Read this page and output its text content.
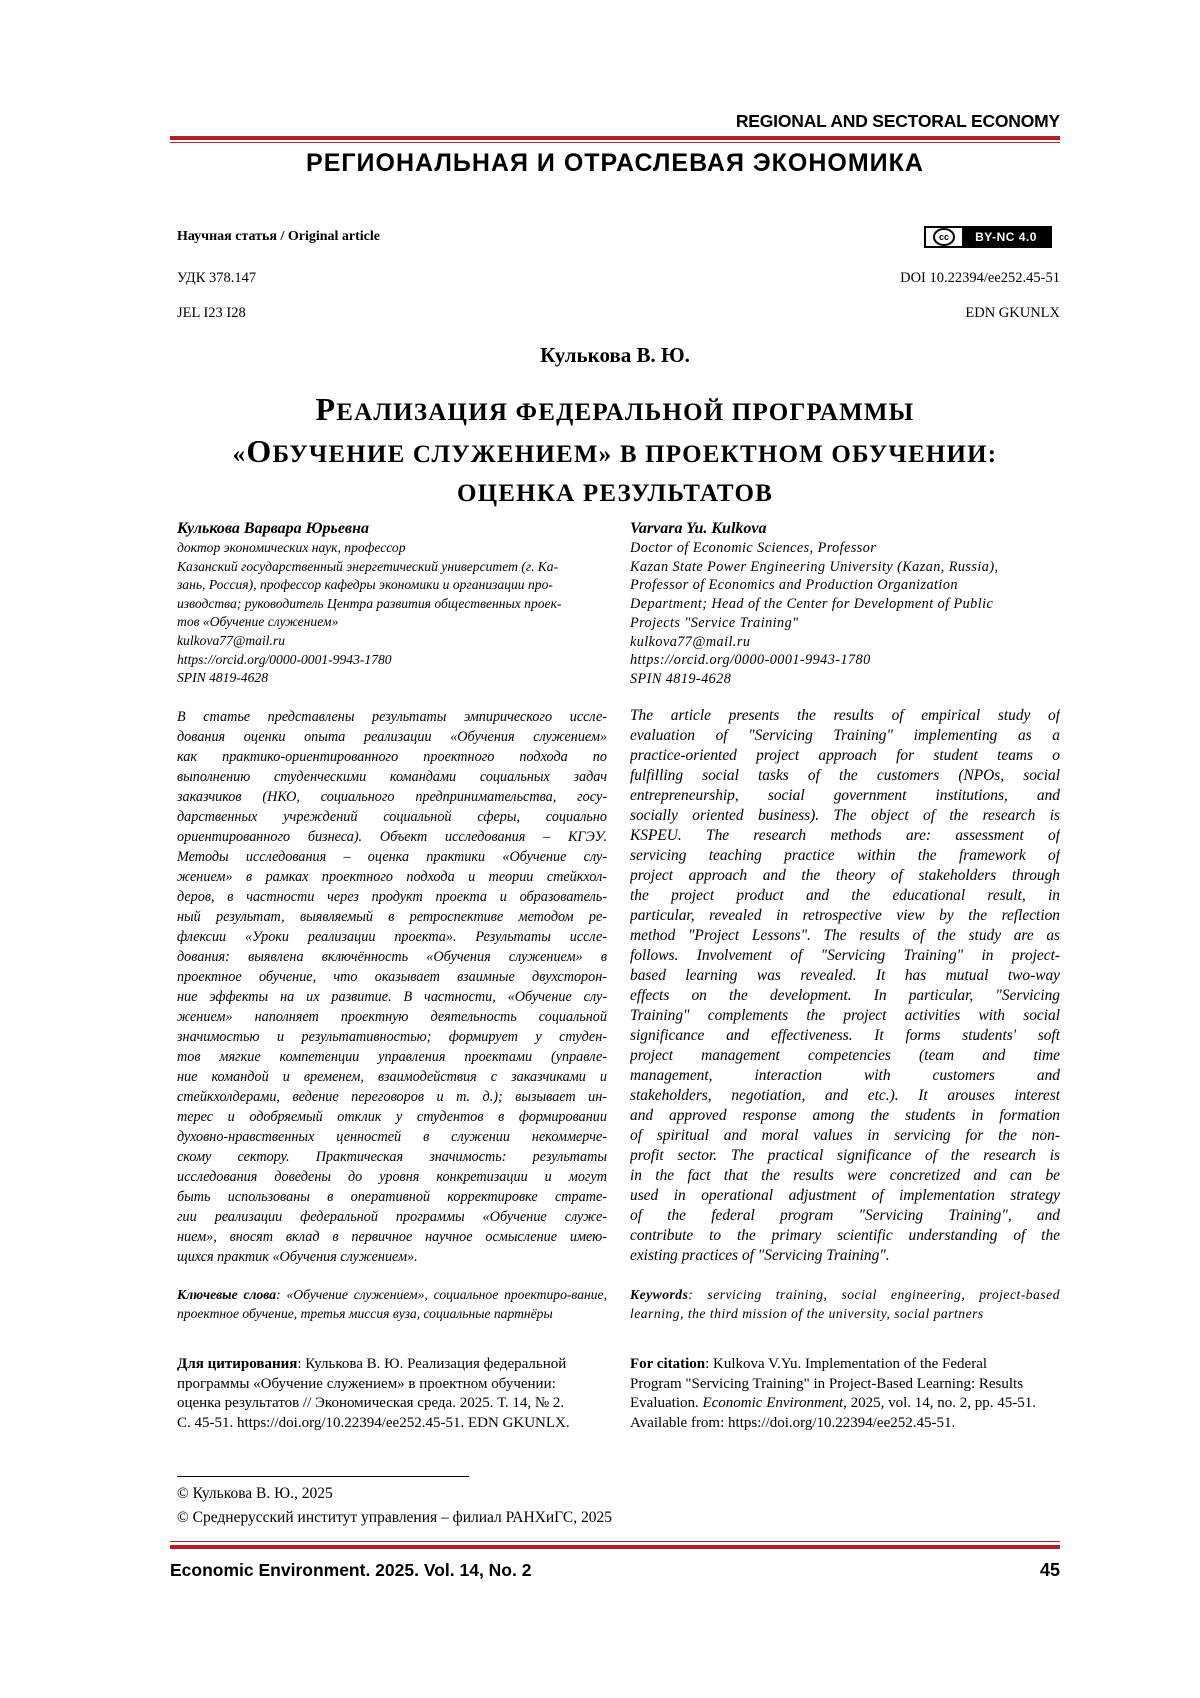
REGIONAL AND SECTORAL ECONOMY
РЕГИОНАЛЬНАЯ И ОТРАСЛЕВАЯ ЭКОНОМИКА
Научная статья / Original article	cc	BY-NC 4.0
УДК 378.147	DOI 10.22394/ee252.45-51
JEL I23 I28	EDN GKUNLX
Кулькова В. Ю.
РЕАЛИЗАЦИЯ ФЕДЕРАЛЬНОЙ ПРОГРАММЫ
«ОБУЧЕНИЕ СЛУЖЕНИЕМ» В ПРОЕКТНОМ ОБУЧЕНИИ:
ОЦЕНКА РЕЗУЛЬТАТОВ
Кулькова Варвара Юрьевна
доктор экономических наук, профессор
Казанский государственный энергетический университет (г. Ка-
зань, Россия), профессор кафедры экономики и организации про-
изводства; руководитель Центра развития общественных проек-
тов «Обучение служением»
kulkova77@mail.ru
https://orcid.org/0000-0001-9943-1780
SPIN 4819-4628
Varvara Yu. Kulkova
Doctor of Economic Sciences, Professor
Kazan State Power Engineering University (Kazan, Russia),
Professor of Economics and Production Organization
Department; Head of the Center for Development of Public
Projects "Service Training"
kulkova77@mail.ru
https://orcid.org/0000-0001-9943-1780
SPIN 4819-4628
В статье представлены результаты эмпирического иссле-
дования оценки опыта реализации «Обучения служением»
как практико-ориентированного проектного подхода по
выполнению студенческими командами социальных задач
заказчиков (НКО, социального предпринимательства, госу-
дарственных учреждений социальной сферы, социально
ориентированного бизнеса). Объект исследования – КГЭУ.
Методы исследования – оценка практики «Обучение слу-
жением» в рамках проектного подхода и теории стейкхол-
деров, в частности через продукт проекта и образователь-
ный результат, выявляемый в ретроспективе методом ре-
флексии «Уроки реализации проекта». Результаты иссле-
дования: выявлена включённость «Обучения служением» в
проектное обучение, что оказывает взаимные двухсторон-
ние эффекты на их развитие. В частности, «Обучение слу-
жением» наполняет проектную деятельность социальной
значимостью и результативностью; формирует у студен-
тов мягкие компетенции управления проектами (управле-
ние командой и временем, взаимодействия с заказчиками и
стейкхолдерами, ведение переговоров и т. д.); вызывает ин-
терес и одобряемый отклик у студентов в формировании
духовно-нравственных ценностей в служении некоммерче-
скому сектору. Практическая значимость: результаты
исследования доведены до уровня конкретизации и могут
быть использованы в оперативной корректировке страте-
гии реализации федеральной программы «Обучение служе-
нием», вносят вклад в первичное научное осмысление имею-
щихся практик «Обучения служением».
The article presents the results of empirical study of
evaluation of "Servicing Training" implementing as a
practice-oriented project approach for student teams o
fulfilling social tasks of the customers (NPOs, social
entrepreneurship, social government institutions, and
socially oriented business). The object of the research is
KSPEU. The research methods are: assessment of
servicing teaching practice within the framework of
project approach and the theory of stakeholders through
the project product and the educational result, in
particular, revealed in retrospective view by the reflection
method "Project Lessons". The results of the study are as
follows. Involvement of "Servicing Training" in project-
based learning was revealed. It has mutual two-way
effects on the development. In particular, "Servicing
Training" complements the project activities with social
significance and effectiveness. It forms students' soft
project management competencies (team and time
management, interaction with customers and
stakeholders, negotiation, and etc.). It arouses interest
and approved response among the students in formation
of spiritual and moral values in servicing for the non-
profit sector. The practical significance of the research is
in the fact that the results were concretized and can be
used in operational adjustment of implementation strategy
of the federal program "Servicing Training", and
contribute to the primary scientific understanding of the
existing practices of "Servicing Training".
Ключевые слова: «Обучение служением», социальное проектиро-вание, проектное обучение, третья миссия вуза, социальные партнёры
Keywords: servicing training, social engineering, project-based learning, the third mission of the university, social partners
Для цитирования: Кулькова В. Ю. Реализация федеральной
программы «Обучение служением» в проектном обучении:
оценка результатов // Экономическая среда. 2025. Т. 14, № 2.
С. 45-51. https://doi.org/10.22394/ee252.45-51. EDN GKUNLX.
For citation: Kulkova V.Yu. Implementation of the Federal
Program "Servicing Training" in Project-Based Learning: Results
Evaluation. Economic Environment, 2025, vol. 14, no. 2, pp. 45-51.
Available from: https://doi.org/10.22394/ee252.45-51.
© Кулькова В. Ю., 2025
© Среднерусский институт управления – филиал РАНХиГС, 2025
Economic Environment. 2025. Vol. 14, No. 2	45
